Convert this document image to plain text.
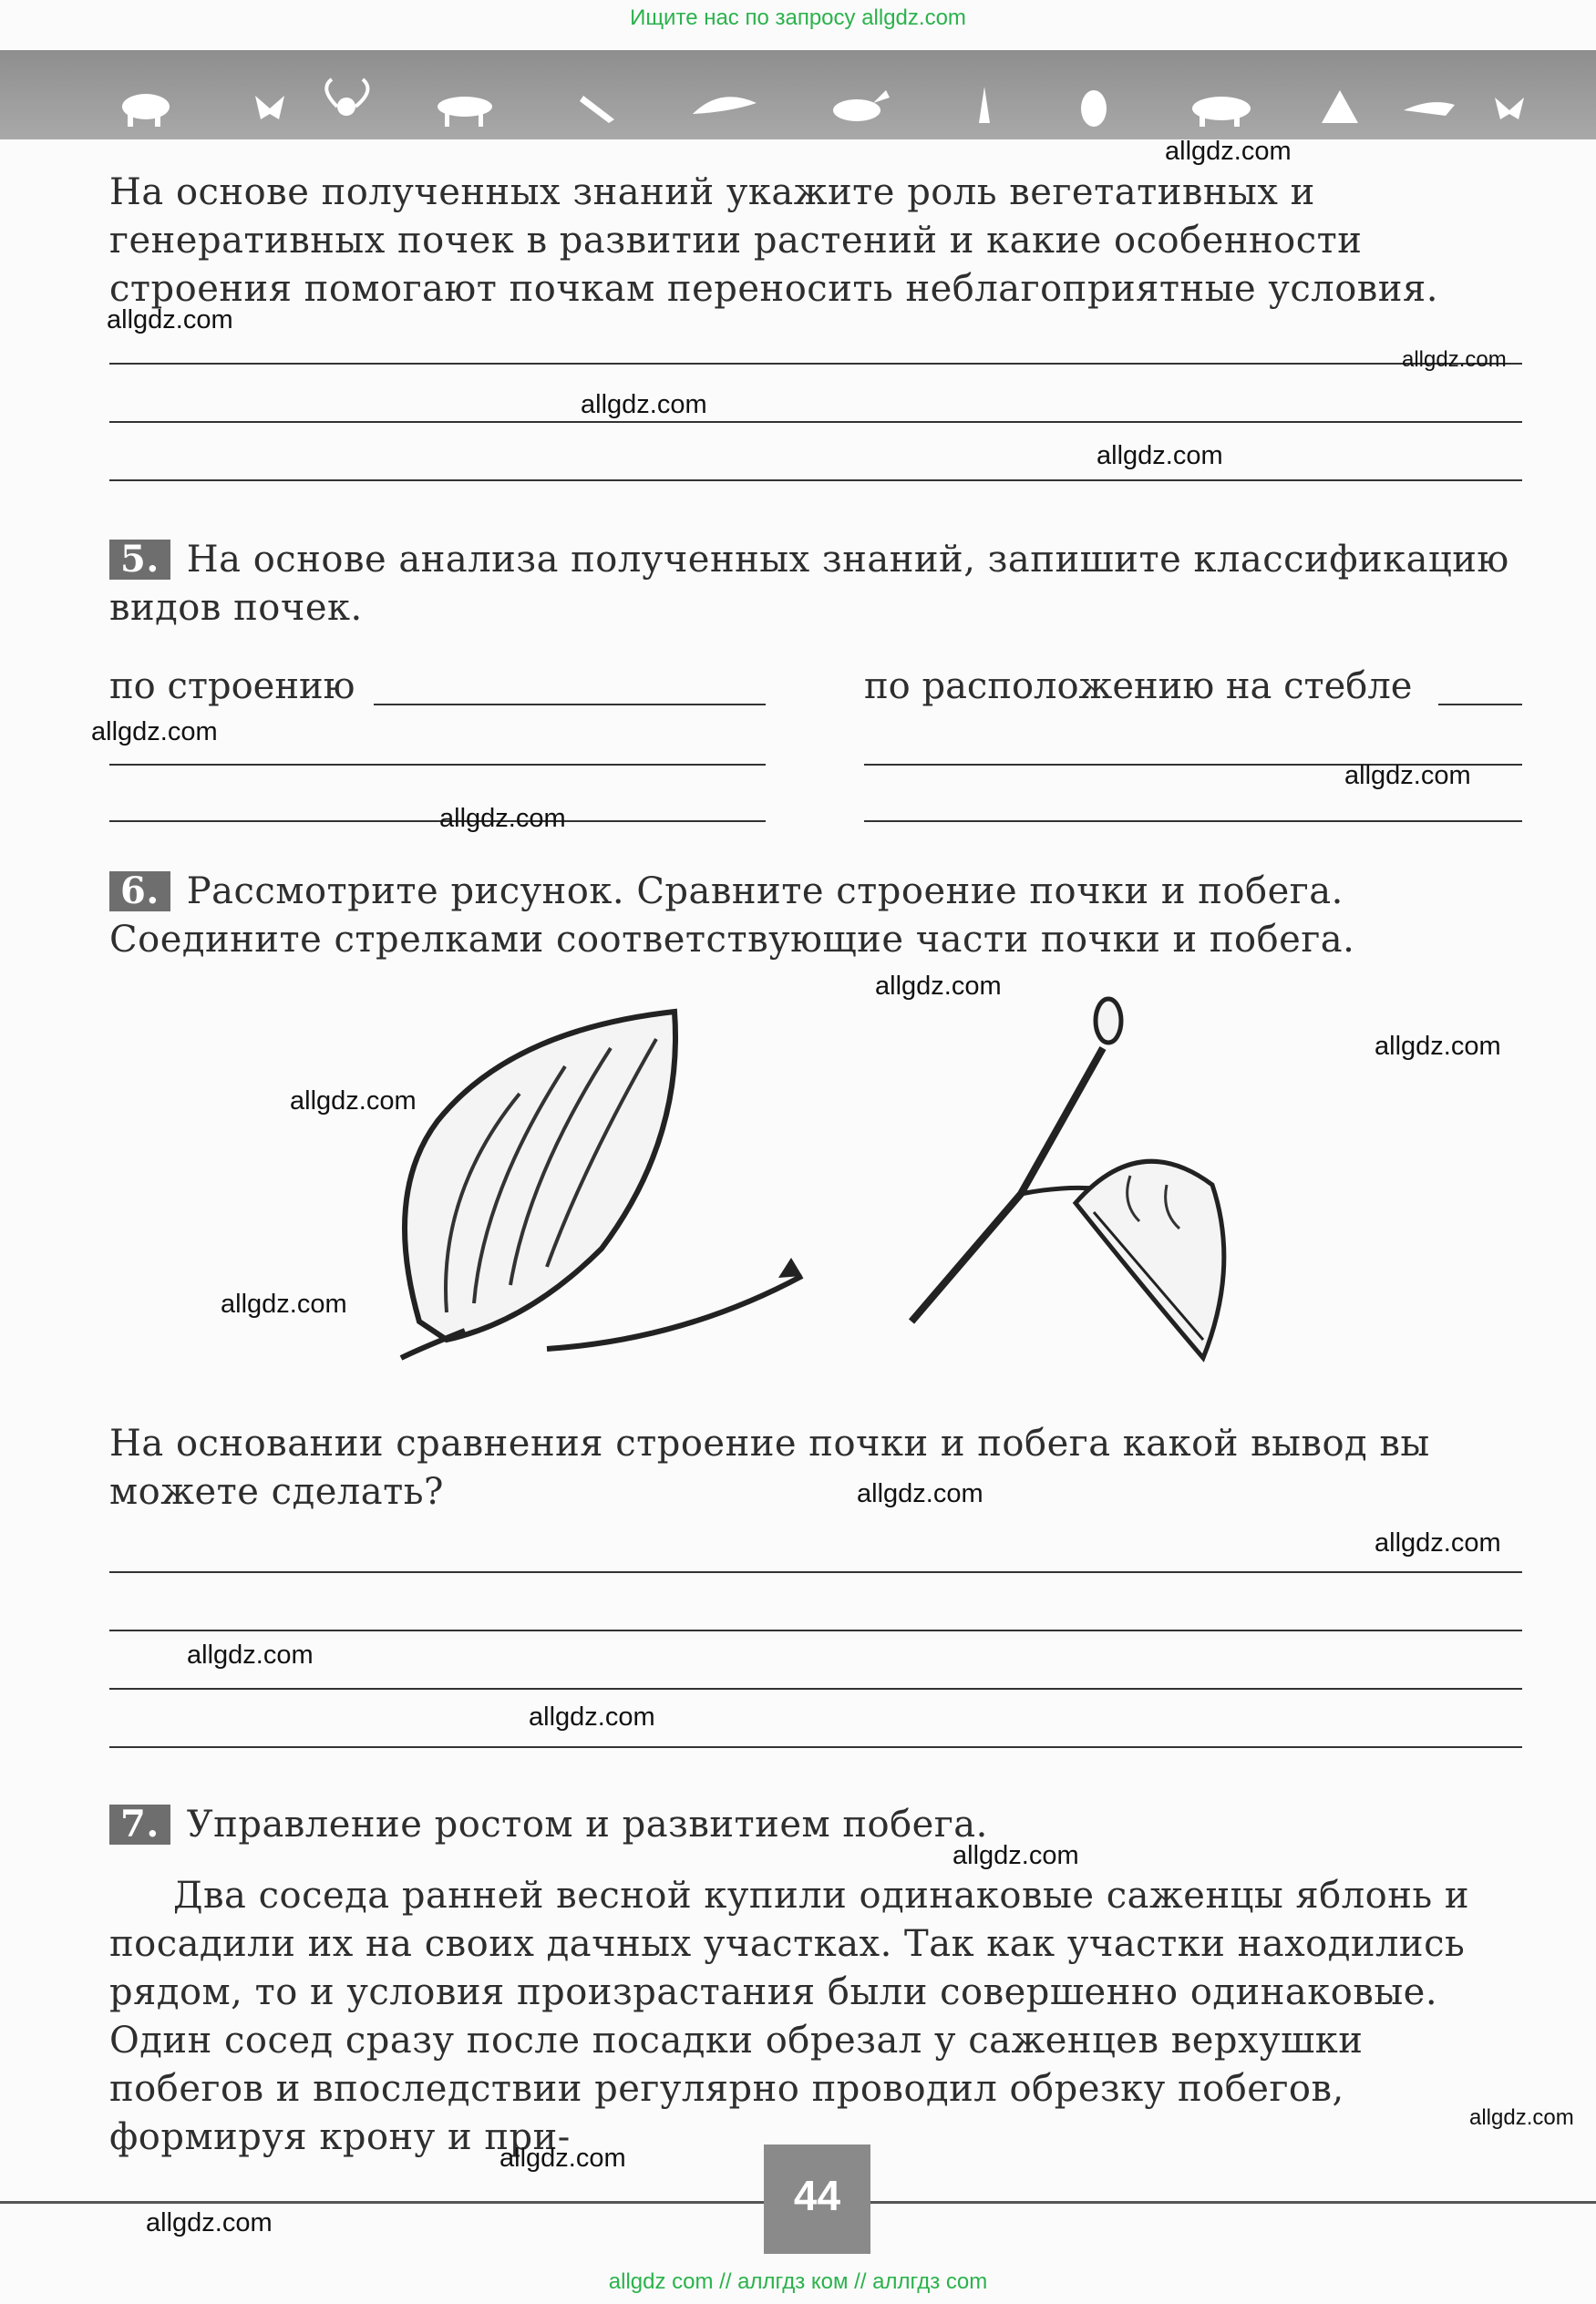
Ищите нас по запросу allgdz.com
На основе полученных знаний укажите роль вегетативных и генеративных почек в развитии растений и какие особенности строения помогают почкам переносить неблагоприятные условия.
5. На основе анализа полученных знаний, запишите классификацию видов почек.
по строению	по расположению на стебле
6. Рассмотрите рисунок. Сравните строение почки и побега. Соедините стрелками соответствующие части почки и побега.
На основании сравнения строение почки и побега какой вывод вы можете сделать?
7. Управление ростом и развитием побега.
Два соседа ранней весной купили одинаковые саженцы яблонь и посадили их на своих дачных участках. Так как участки находились рядом, то и условия произрастания были совершенно одинаковые. Один сосед сразу после посадки обрезал у саженцев верхушки побегов и впоследствии регулярно проводил обрезку побегов, формируя крону и при-
44
allgdz.com
allgdz.com
allgdz.com
allgdz.com
allgdz.com
allgdz.com
allgdz.com
allgdz.com
allgdz.com
allgdz.com
allgdz.com
allgdz.com
allgdz.com
allgdz.com
allgdz.com
allgdz.com
allgdz.com
allgdz.com
allgdz.com
allgdz.com
allgdz com // аллгдз ком // аллгдз com
